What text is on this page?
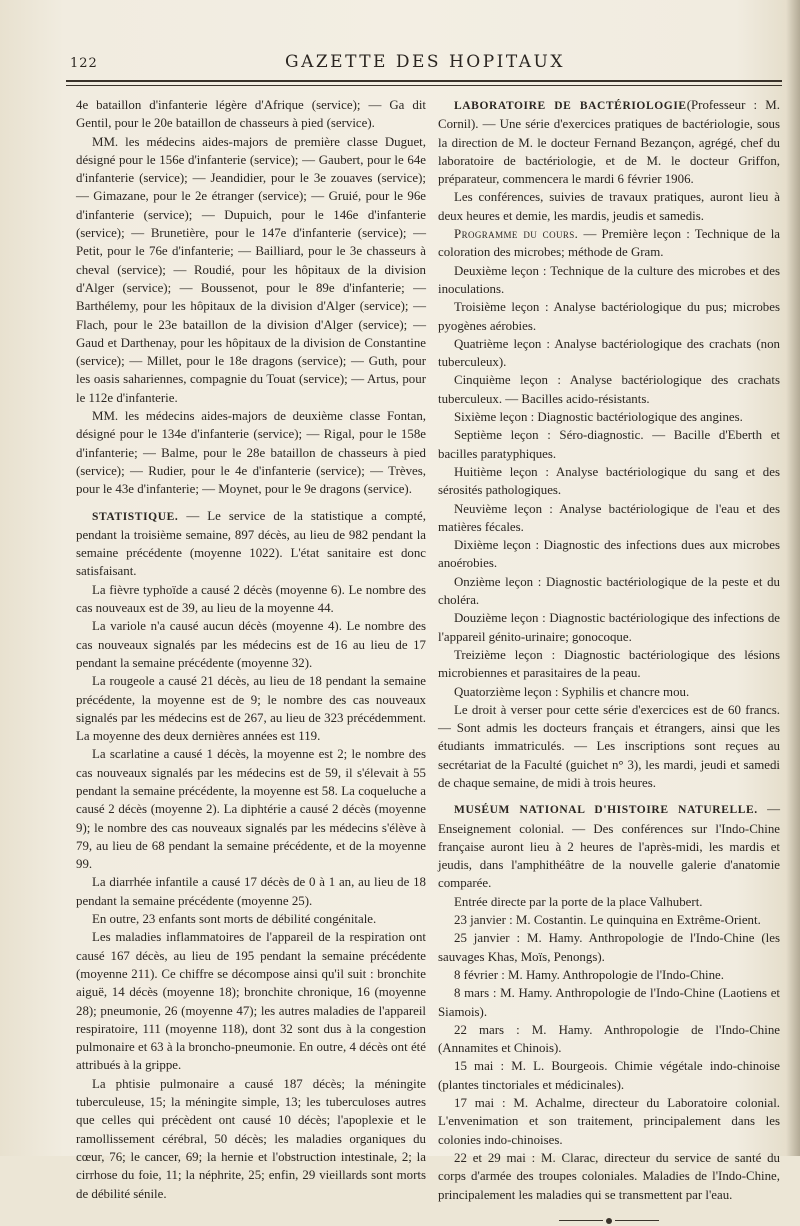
122	GAZETTE DES HOPITAUX

4e bataillon d'infanterie légère d'Afrique (service); — Ga dit Gentil, pour le 20e bataillon de chasseurs à pied (service).

MM. les médecins aides-majors de première classe Duguet, désigné pour le 156e d'infanterie (service); — Gaubert, pour le 64e d'infanterie (service); — Jeandidier, pour le 3e zouaves (service); — Gimazane, pour le 2e étranger (service); — Gruié, pour le 96e d'infanterie (service); — Dupuich, pour le 146e d'infanterie (service); — Brunetière, pour le 147e d'infanterie (service); — Petit, pour le 76e d'infanterie; — Bailliard, pour le 3e chasseurs à cheval (service); — Roudié, pour les hôpitaux de la division d'Alger (service); — Boussenot, pour le 89e d'infanterie; — Barthélemy, pour les hôpitaux de la division d'Alger (service); — Flach, pour le 23e bataillon de la division d'Alger (service); — Gaud et Darthenay, pour les hôpitaux de la division de Constantine (service); — Millet, pour le 18e dragons (service); — Guth, pour les oasis sahariennes, compagnie du Touat (service); — Artus, pour le 112e d'infanterie.

MM. les médecins aides-majors de deuxième classe Fontan, désigné pour le 134e d'infanterie (service); — Rigal, pour le 158e d'infanterie; — Balme, pour le 28e bataillon de chasseurs à pied (service); — Rudier, pour le 4e d'infanterie (service); — Trèves, pour le 43e d'infanterie; — Moynet, pour le 9e dragons (service).

STATISTIQUE. — Le service de la statistique a compté, pendant la troisième semaine, 897 décès, au lieu de 982 pendant la semaine précédente (moyenne 1022). L'état sanitaire est donc satisfaisant.

La fièvre typhoïde a causé 2 décès (moyenne 6). Le nombre des cas nouveaux est de 39, au lieu de la moyenne 44.

La variole n'a causé aucun décès (moyenne 4). Le nombre des cas nouveaux signalés par les médecins est de 16 au lieu de 17 pendant la semaine précédente (moyenne 32).

La rougeole a causé 21 décès, au lieu de 18 pendant la semaine précédente, la moyenne est de 9; le nombre des cas nouveaux signalés par les médecins est de 267, au lieu de 323 précédemment. La moyenne des deux dernières années est 119.

La scarlatine a causé 1 décès, la moyenne est 2; le nombre des cas nouveaux signalés par les médecins est de 59, il s'élevait à 55 pendant la semaine précédente, la moyenne est 58. La coqueluche a causé 2 décès (moyenne 2). La diphtérie a causé 2 décès (moyenne 9); le nombre des cas nouveaux signalés par les médecins s'élève à 79, au lieu de 68 pendant la semaine précédente, et de la moyenne 99.

La diarrhée infantile a causé 17 décès de 0 à 1 an, au lieu de 18 pendant la semaine précédente (moyenne 25).

En outre, 23 enfants sont morts de débilité congénitale.

Les maladies inflammatoires de l'appareil de la respiration ont causé 167 décès, au lieu de 195 pendant la semaine précédente (moyenne 211). Ce chiffre se décompose ainsi qu'il suit : bronchite aiguë, 14 décès (moyenne 18); bronchite chronique, 16 (moyenne 28); pneumonie, 26 (moyenne 47); les autres maladies de l'appareil respiratoire, 111 (moyenne 118), dont 32 sont dus à la congestion pulmonaire et 63 à la broncho-pneumonie. En outre, 4 décès ont été attribués à la grippe.

La phtisie pulmonaire a causé 187 décès; la méningite tuberculeuse, 15; la méningite simple, 13; les tuberculoses autres que celles qui précèdent ont causé 10 décès; l'apoplexie et le ramollissement cérébral, 50 décès; les maladies organiques du cœur, 76; le cancer, 69; la hernie et l'obstruction intestinale, 2; la cirrhose du foie, 11; la néphrite, 25; enfin, 29 vieillards sont morts de débilité sénile.

LABORATOIRE DE BACTÉRIOLOGIE(Professeur : M. Cornil). — Une série d'exercices pratiques de bactériologie, sous la direction de M. le docteur Fernand Bezançon, agrégé, chef du laboratoire de bactériologie, et de M. le docteur Griffon, préparateur, commencera le mardi 6 février 1906.

Les conférences, suivies de travaux pratiques, auront lieu à deux heures et demie, les mardis, jeudis et samedis.

Programme du cours. — Première leçon : Technique de la coloration des microbes; méthode de Gram.

Deuxième leçon : Technique de la culture des microbes et des inoculations.

Troisième leçon : Analyse bactériologique du pus; microbes pyogènes aérobies.

Quatrième leçon : Analyse bactériologique des crachats (non tuberculeux).

Cinquième leçon : Analyse bactériologique des crachats tuberculeux. — Bacilles acido-résistants.

Sixième leçon : Diagnostic bactériologique des angines.

Septième leçon : Séro-diagnostic. — Bacille d'Eberth et bacilles paratyphiques.

Huitième leçon : Analyse bactériologique du sang et des sérosités pathologiques.

Neuvième leçon : Analyse bactériologique de l'eau et des matières fécales.

Dixième leçon : Diagnostic des infections dues aux microbes anoérobies.

Onzième leçon : Diagnostic bactériologique de la peste et du choléra.

Douzième leçon : Diagnostic bactériologique des infections de l'appareil génito-urinaire; gonocoque.

Treizième leçon : Diagnostic bactériologique des lésions microbiennes et parasitaires de la peau.

Quatorzième leçon : Syphilis et chancre mou.

Le droit à verser pour cette série d'exercices est de 60 francs. — Sont admis les docteurs français et étrangers, ainsi que les étudiants immatriculés. — Les inscriptions sont reçues au secrétariat de la Faculté (guichet n° 3), les mardi, jeudi et samedi de chaque semaine, de midi à trois heures.

MUSÉUM NATIONAL D'HISTOIRE NATURELLE. — Enseignement colonial. — Des conférences sur l'Indo-Chine française auront lieu à 2 heures de l'après-midi, les mardis et jeudis, dans l'amphithéâtre de la nouvelle galerie d'anatomie comparée.

Entrée directe par la porte de la place Valhubert.

23 janvier : M. Costantin. Le quinquina en Extrême-Orient.

25 janvier : M. Hamy. Anthropologie de l'Indo-Chine (les sauvages Khas, Moïs, Penongs).

8 février : M. Hamy. Anthropologie de l'Indo-Chine.

8 mars : M. Hamy. Anthropologie de l'Indo-Chine (Laotiens et Siamois).

22 mars : M. Hamy. Anthropologie de l'Indo-Chine (Annamites et Chinois).

15 mai : M. L. Bourgeois. Chimie végétale indo-chinoise (plantes tinctoriales et médicinales).

17 mai : M. Achalme, directeur du Laboratoire colonial. L'envenimation et son traitement, principalement dans les colonies indo-chinoises.

22 et 29 mai : M. Clarac, directeur du service de santé du corps d'armée des troupes coloniales. Maladies de l'Indo-Chine, principalement les maladies qui se transmettent par l'eau.
